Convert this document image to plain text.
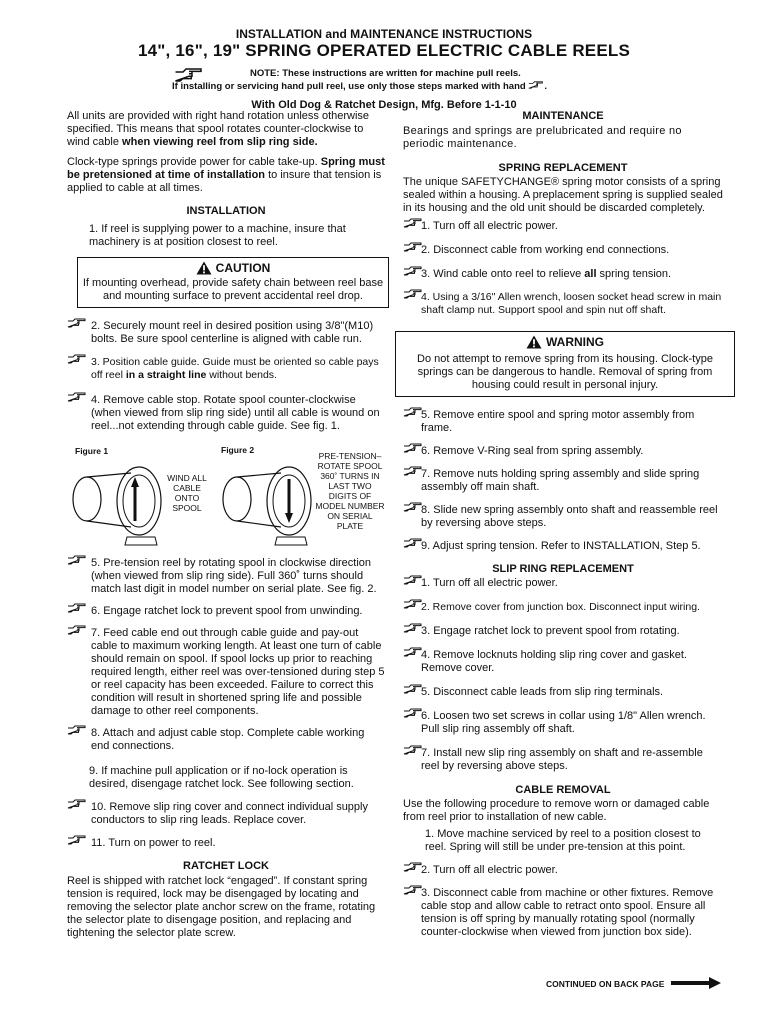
INSTALLATION and MAINTENANCE INSTRUCTIONS
14", 16", 19" SPRING OPERATED ELECTRIC CABLE REELS
NOTE: These instructions are written for machine pull reels.
If installing or servicing hand pull reel, use only those steps marked with hand .
With Old Dog & Ratchet Design, Mfg. Before 1-1-10

All units are provided with right hand rotation unless otherwise specified. This means that spool rotates counter-clockwise to wind cable when viewing reel from slip ring side.

Clock-type springs provide power for cable take-up. Spring must be pretensioned at time of installation to insure that tension is applied to cable at all times.

INSTALLATION

1. If reel is supplying power to a machine, insure that machinery is at position closest to reel.

CAUTION
If mounting overhead, provide safety chain between reel base and mounting surface to prevent accidental reel drop.
2. Securely mount reel in desired position using 3/8"(M10) bolts. Be sure spool centerline is aligned with cable run.
3. Position cable guide. Guide must be oriented so cable pays off reel in a straight line without bends.
4. Remove cable stop. Rotate spool counter-clockwise (when viewed from slip ring side) until all cable is wound on reel...not extending through cable guide. See fig. 1.
Figure 1
WIND ALL CABLE ONTO SPOOL
Figure 2
PRE-TENSION– ROTATE SPOOL 360˚ TURNS IN LAST TWO DIGITS OF MODEL NUMBER ON SERIAL PLATE
5. Pre-tension reel by rotating spool in clockwise direction (when viewed from slip ring side). Full 360˚ turns should match last digit in model number on serial plate. See fig. 2.
6. Engage ratchet lock to prevent spool from unwinding.
7. Feed cable end out through cable guide and pay-out cable to maximum working length. At least one turn of cable should remain on spool. If spool locks up prior to reaching required length, either reel was over-tensioned during step 5 or reel capacity has been exceeded. Failure to correct this condition will result in shortened spring life and possible damage to other reel components.
8. Attach and adjust cable stop. Complete cable working end connections.

9. If machine pull application or if no-lock operation is desired, disengage ratchet lock. See following section.

10. Remove slip ring cover and connect individual supply conductors to slip ring leads. Replace cover.
11. Turn on power to reel.

RATCHET LOCK

Reel is shipped with ratchet lock “engaged”. If constant spring tension is required, lock may be disengaged by locating and removing the selector plate anchor screw on the frame, rotating the selector plate to disengage position, and replacing and tightening the selector plate screw.

MAINTENANCE

Bearings and springs are prelubricated and require no periodic maintenance.

SPRING REPLACEMENT

The unique SAFETYCHANGE® spring motor consists of a spring sealed within a housing. A preplacement spring is supplied sealed in its housing and the old unit should be discarded completely.

1. Turn off all electric power.
2. Disconnect cable from working end connections.
3. Wind cable onto reel to relieve all spring tension.
4. Using a 3/16" Allen wrench, loosen socket head screw in main shaft clamp nut. Support spool and spin nut off shaft.
WARNING
Do not attempt to remove spring from its housing. Clock-type springs can be dangerous to handle. Removal of spring from housing could result in personal injury.
5. Remove entire spool and spring motor assembly from frame.
6. Remove V-Ring seal from spring assembly.
7. Remove nuts holding spring assembly and slide spring assembly off main shaft.
8. Slide new spring assembly onto shaft and reassemble reel by reversing above steps.
9. Adjust spring tension. Refer to INSTALLATION, Step 5.

SLIP RING REPLACEMENT

1. Turn off all electric power.
2. Remove cover from junction box. Disconnect input wiring.
3. Engage ratchet lock to prevent spool from rotating.
4. Remove locknuts holding slip ring cover and gasket. Remove cover.
5. Disconnect cable leads from slip ring terminals.
6. Loosen two set screws in collar using 1/8" Allen wrench. Pull slip ring assembly off shaft.
7. Install new slip ring assembly on shaft and re-assemble reel by reversing above steps.

CABLE REMOVAL

Use the following procedure to remove worn or damaged cable from reel prior to installation of new cable.

1. Move machine serviced by reel to a position closest to reel. Spring will still be under pre-tension at this point.

2. Turn off all electric power.
3. Disconnect cable from machine or other fixtures. Remove cable stop and allow cable to retract onto spool. Ensure all tension is off spring by manually rotating spool (normally counter-clockwise when viewed from junction box side).
CONTINUED ON BACK PAGE
